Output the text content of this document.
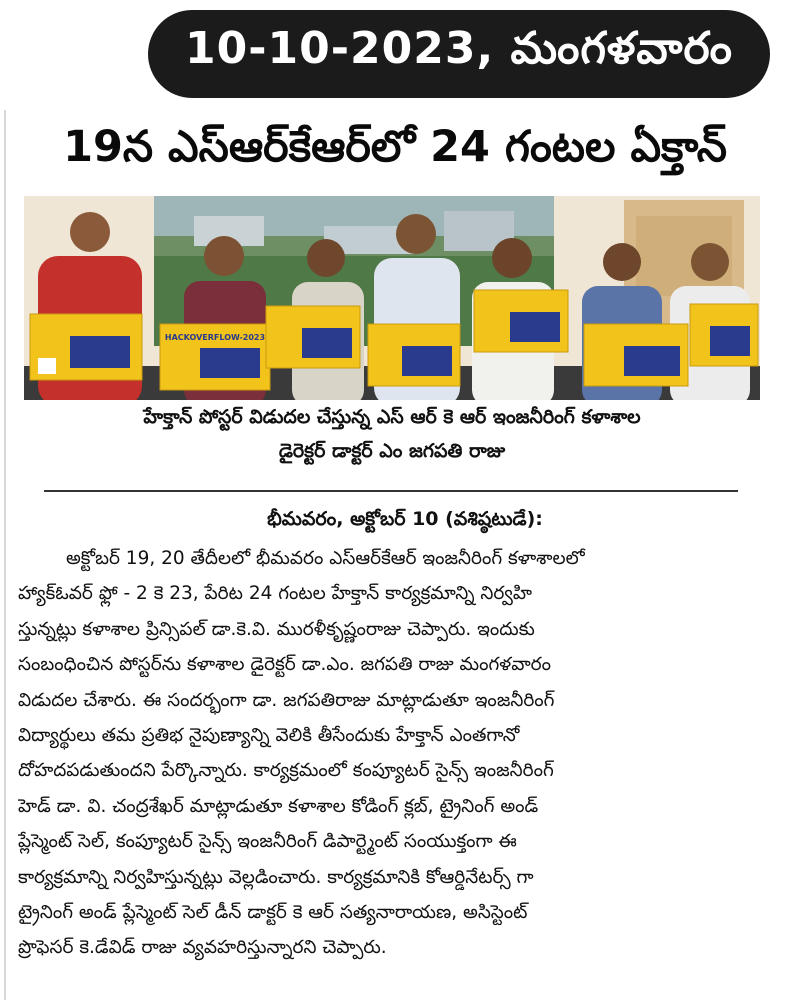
10-10-2023, మంగళవారం
19న ఎస్ఆర్‌కేఆర్‌లో 24 గంటల ఏక్తాన్
HACKOVERFLOW-2023
హేక్తాన్ పోస్టర్ విడుదల చేస్తున్న ఎస్ ఆర్ కె ఆర్ ఇంజనీరింగ్ కళాశాల
డైరెక్టర్ డాక్టర్ ఎం జగపతి రాజు
భీమవరం, అక్టోబర్ 10 (వశిష్ఠటుడే):
అక్టోబర్ 19, 20 తేదీలలో భీమవరం ఎస్ఆర్‌కేఆర్ ఇంజనీరింగ్ కళాశాలలో
హ్యాక్ఓవర్ ఫ్లో - 2 కె 23, పేరిట 24 గంటల హేక్తాన్ కార్యక్రమాన్ని నిర్వహి
స్తున్నట్లు కళాశాల ప్రిన్సిపల్ డా.కె.వి. మురళీకృష్ణంరాజు చెప్పారు. ఇందుకు
సంబంధించిన పోస్టర్‌ను కళాశాల డైరెక్టర్ డా.ఎం. జగపతి రాజు మంగళవారం
విడుదల చేశారు. ఈ సందర్భంగా డా. జగపతిరాజు మాట్లాడుతూ ఇంజనీరింగ్
విద్యార్థులు తమ ప్రతిభ నైపుణ్యాన్ని వెలికి తీసేందుకు హేక్తాన్ ఎంతగానో
దోహదపడుతుందని పేర్కొన్నారు. కార్యక్రమంలో కంప్యూటర్ సైన్స్ ఇంజనీరింగ్
హెడ్ డా. వి. చంద్రశేఖర్ మాట్లాడుతూ కళాశాల కోడింగ్ క్లబ్, ట్రైనింగ్ అండ్
ప్లేస్మెంట్ సెల్, కంప్యూటర్ సైన్స్ ఇంజనీరింగ్ డిపార్ట్మెంట్ సంయుక్తంగా ఈ
కార్యక్రమాన్ని నిర్వహిస్తున్నట్లు వెల్లడించారు. కార్యక్రమానికి కోఆర్డినేటర్స్ గా
ట్రైనింగ్ అండ్ ప్లేస్మెంట్ సెల్ డీన్ డాక్టర్ కె ఆర్ సత్యనారాయణ, అసిస్టెంట్
ప్రొఫెసర్ కె.డేవిడ్ రాజు వ్యవహరిస్తున్నారని చెప్పారు.
